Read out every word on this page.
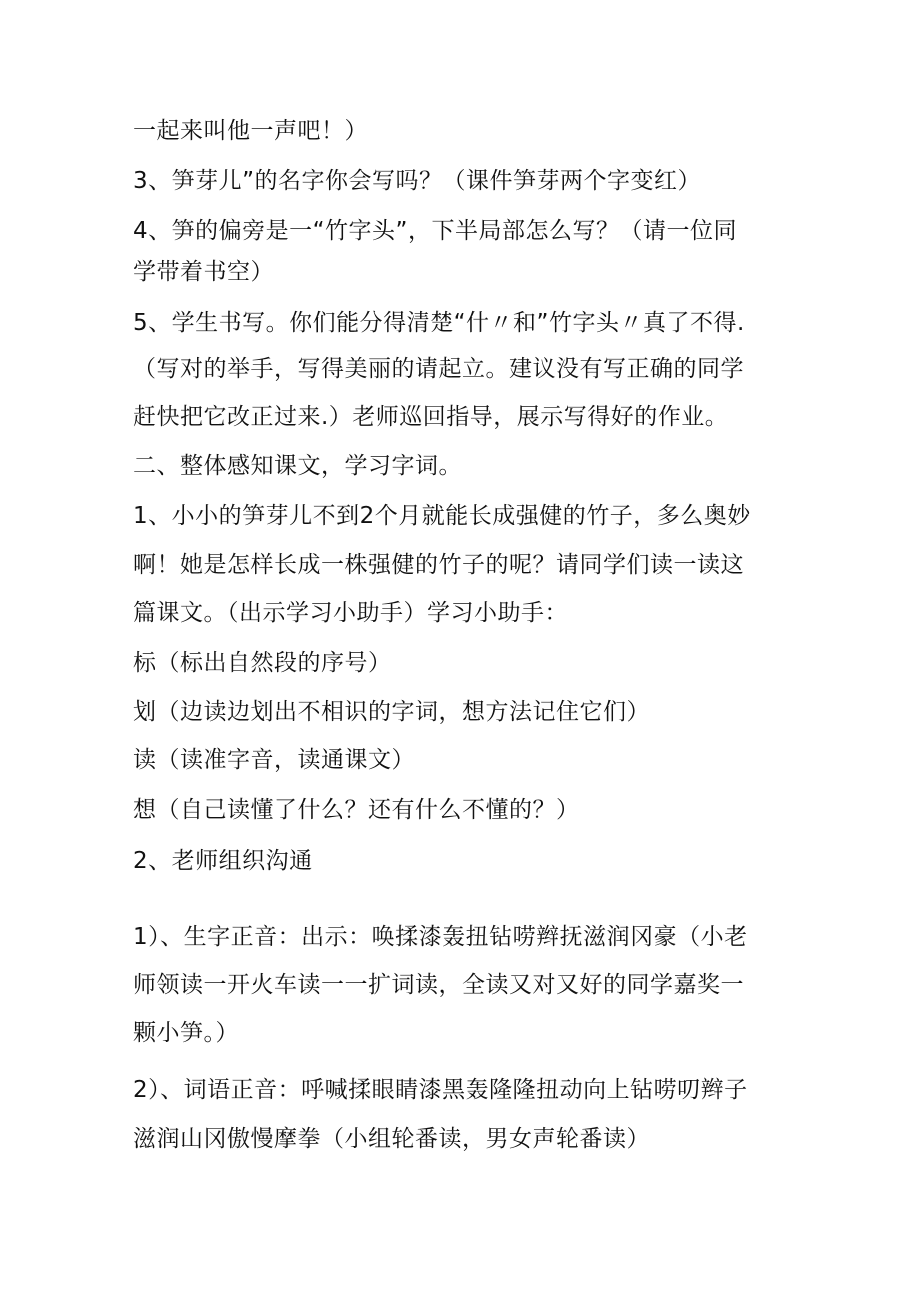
一起来叫他一声吧！）
3、笋芽儿”的名字你会写吗？（课件笋芽两个字变红）
4、笋的偏旁是一“竹字头”，下半局部怎么写？（请一位同
学带着书空）
5、学生书写。你们能分得清楚“什〃和”竹字头〃真了不得.
（写对的举手，写得美丽的请起立。建议没有写正确的同学
赶快把它改正过来.）老师巡回指导，展示写得好的作业。
二、整体感知课文，学习字词。
1、小小的笋芽儿不到2个月就能长成强健的竹子，多么奥妙
啊！她是怎样长成一株强健的竹子的呢？请同学们读一读这
篇课文。（出示学习小助手）学习小助手：
标（标出自然段的序号）
划（边读边划出不相识的字词，想方法记住它们）
读（读准字音，读通课文）
想（自己读懂了什么？还有什么不懂的？）
2、老师组织沟通
1）、生字正音：出示：唤揉漆轰扭钻唠辫抚滋润冈豪（小老
师领读一开火车读一一扩词读，全读又对又好的同学嘉奖一
颗小笋。）
2）、词语正音：呼喊揉眼睛漆黑轰隆隆扭动向上钻唠叨辫子
滋润山冈傲慢摩拳（小组轮番读，男女声轮番读）
